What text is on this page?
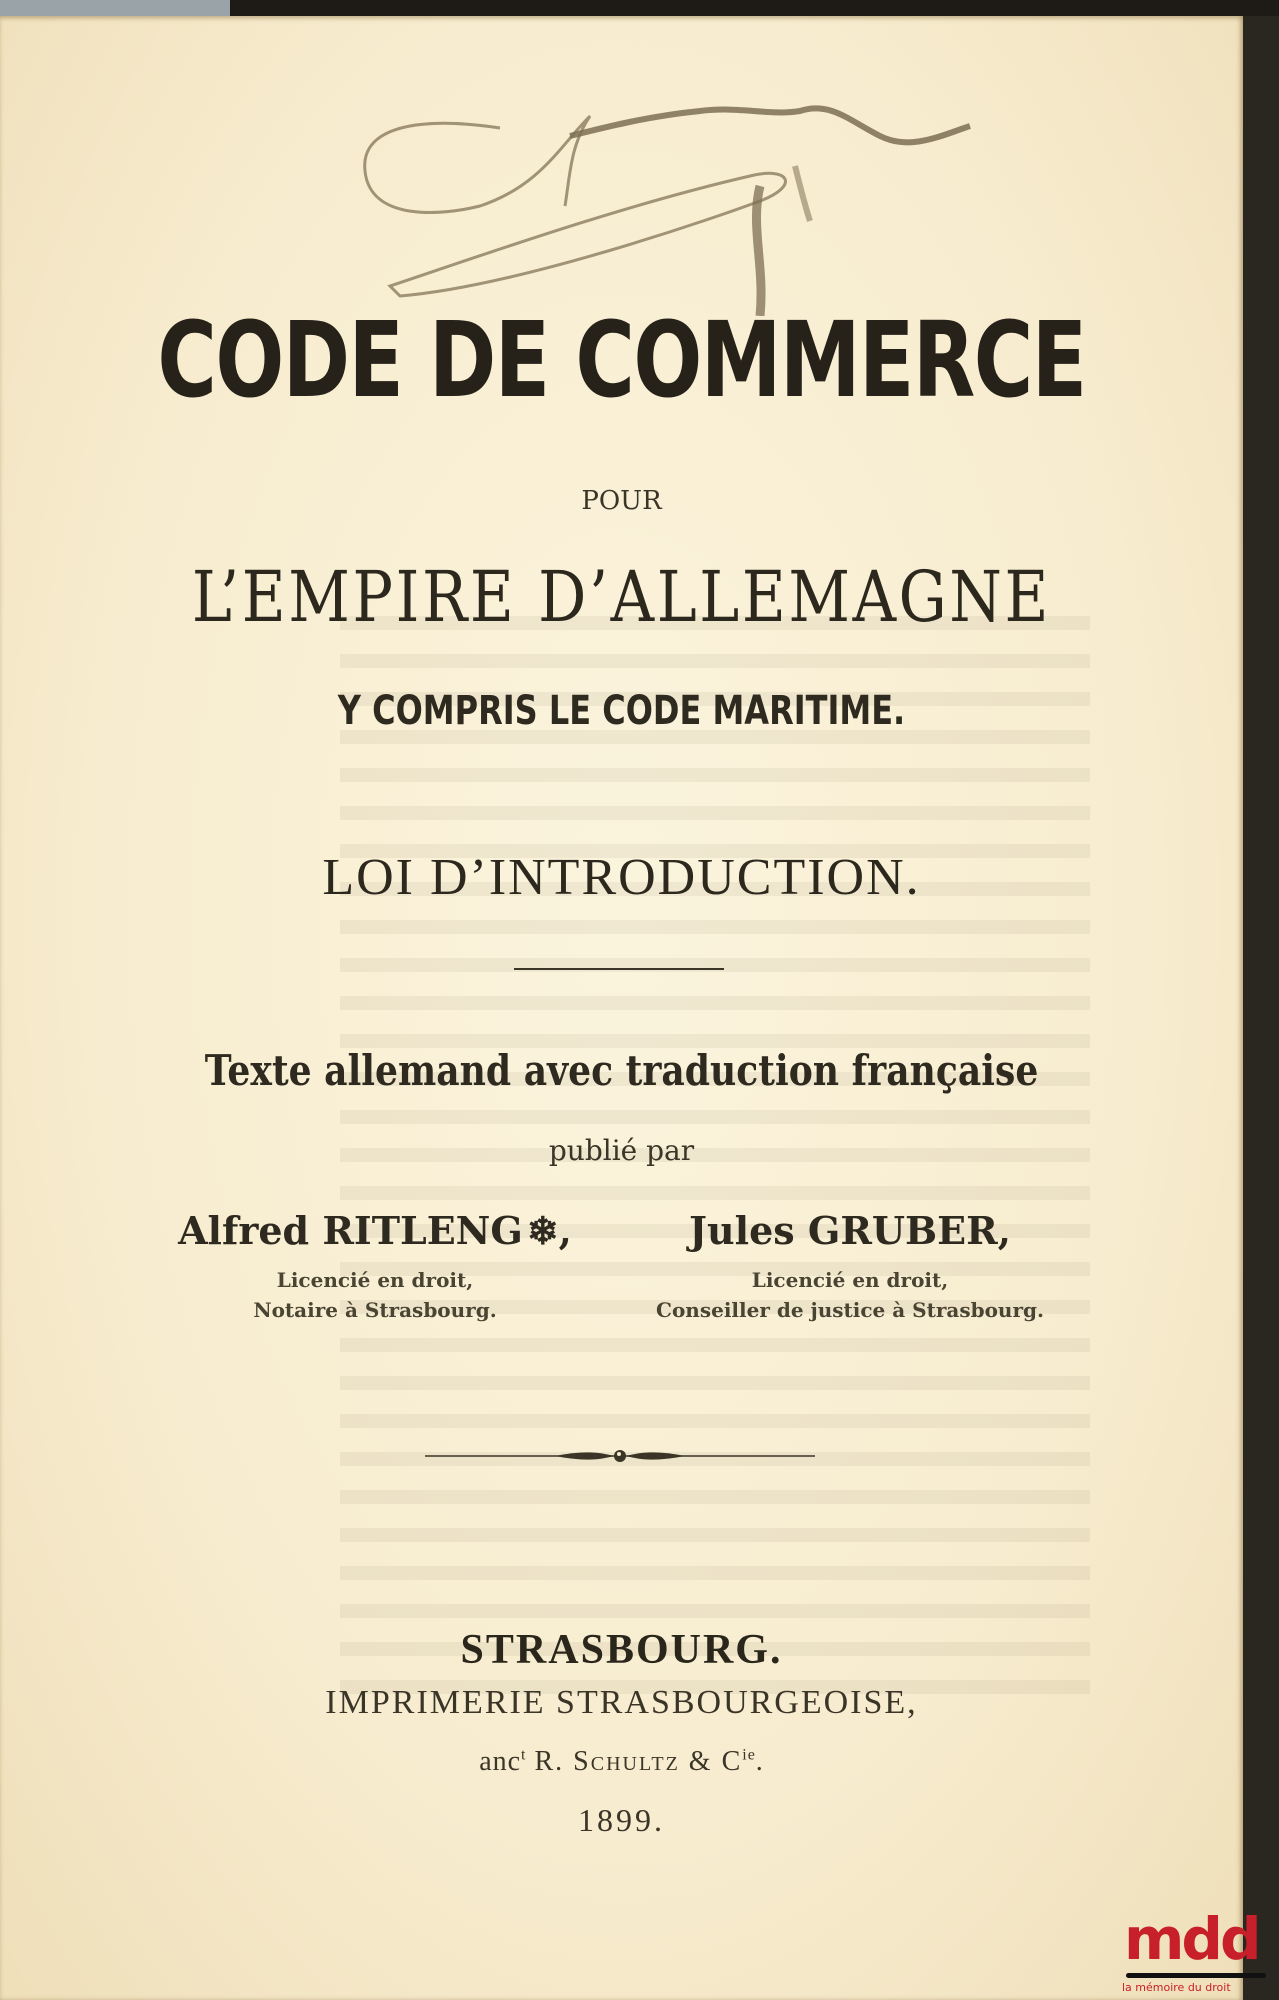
CODE DE COMMERCE
POUR
L’EMPIRE D’ALLEMAGNE
Y COMPRIS LE CODE MARITIME.
LOI D’INTRODUCTION.
Texte allemand avec traduction française
publié par
Alfred RITLENG ❄,
Licencié en droit,
Notaire à Strasbourg.
Jules GRUBER,
Licencié en droit,
Conseiller de justice à Strasbourg.
STRASBOURG.
IMPRIMERIE STRASBOURGEOISE,
anc$^t$ R. Schultz & $C^{ie}$.
1899.
mdd
la mémoire du droit
